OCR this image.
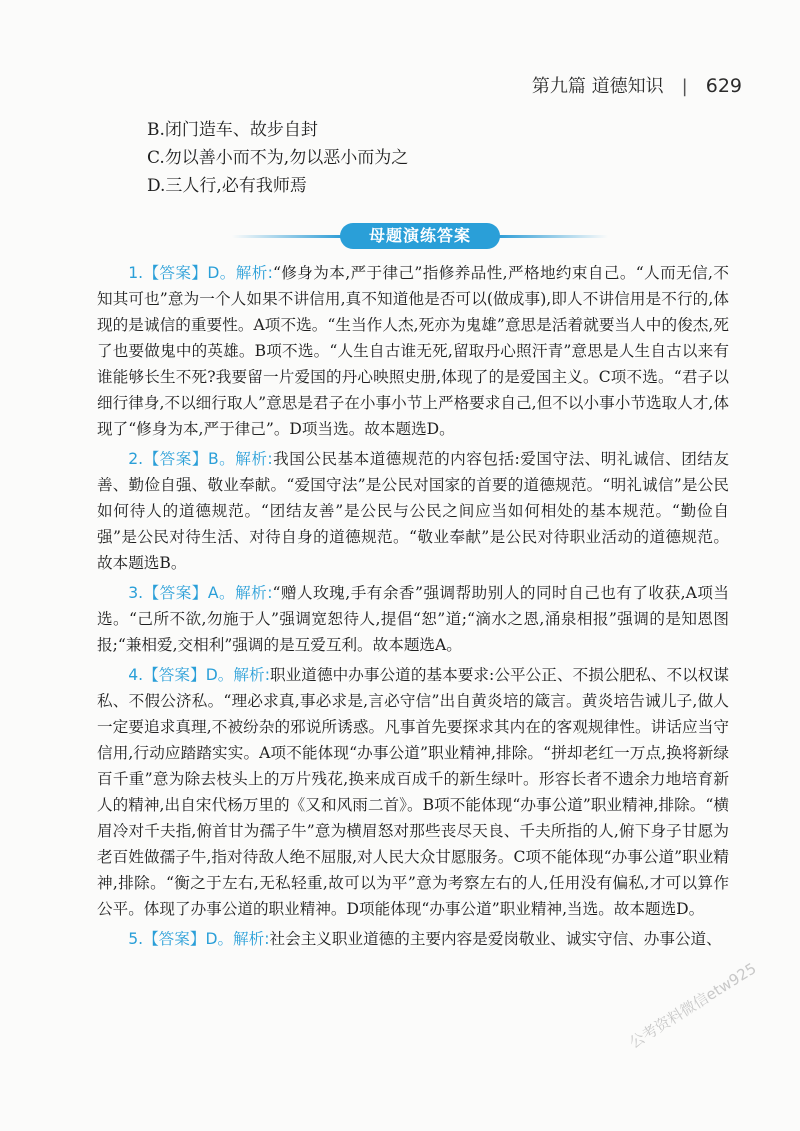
第九篇 道德知识 | 629
B.闭门造车、故步自封
C.勿以善小而不为,勿以恶小而为之
D.三人行,必有我师焉
母题演练答案
1.【答案】D。解析:“修身为本,严于律己”指修养品性,严格地约束自己。“人而无信,不知其可也”意为一个人如果不讲信用,真不知道他是否可以(做成事),即人不讲信用是不行的,体现的是诚信的重要性。A项不选。“生当作人杰,死亦为鬼雄”意思是活着就要当人中的俊杰,死了也要做鬼中的英雄。B项不选。“人生自古谁无死,留取丹心照汗青”意思是人生自古以来有谁能够长生不死?我要留一片爱国的丹心映照史册,体现了的是爱国主义。C项不选。“君子以细行律身,不以细行取人”意思是君子在小事小节上严格要求自己,但不以小事小节选取人才,体现了“修身为本,严于律己”。D项当选。故本题选D。
2.【答案】B。解析:我国公民基本道德规范的内容包括:爱国守法、明礼诚信、团结友善、勤俭自强、敬业奉献。“爱国守法”是公民对国家的首要的道德规范。“明礼诚信”是公民如何待人的道德规范。“团结友善”是公民与公民之间应当如何相处的基本规范。“勤俭自强”是公民对待生活、对待自身的道德规范。“敬业奉献”是公民对待职业活动的道德规范。故本题选B。
3.【答案】A。解析:“赠人玫瑰,手有余香”强调帮助别人的同时自己也有了收获,A项当选。“己所不欲,勿施于人”强调宽恕待人,提倡“恕”道;“滴水之恩,涌泉相报”强调的是知恩图报;“兼相爱,交相利”强调的是互爱互利。故本题选A。
4.【答案】D。解析:职业道德中办事公道的基本要求:公平公正、不损公肥私、不以权谋私、不假公济私。“理必求真,事必求是,言必守信”出自黄炎培的箴言。黄炎培告诫儿子,做人一定要追求真理,不被纷杂的邪说所诱惑。凡事首先要探求其内在的客观规律性。讲话应当守信用,行动应踏踏实实。A项不能体现“办事公道”职业精神,排除。“拼却老红一万点,换将新绿百千重”意为除去枝头上的万片残花,换来成百成千的新生绿叶。形容长者不遗余力地培育新人的精神,出自宋代杨万里的《又和风雨二首》。B项不能体现“办事公道”职业精神,排除。“横眉冷对千夫指,俯首甘为孺子牛”意为横眉怒对那些丧尽天良、千夫所指的人,俯下身子甘愿为老百姓做孺子牛,指对待敌人绝不屈服,对人民大众甘愿服务。C项不能体现“办事公道”职业精神,排除。“衡之于左右,无私轻重,故可以为平”意为考察左右的人,任用没有偏私,才可以算作公平。体现了办事公道的职业精神。D项能体现“办事公道”职业精神,当选。故本题选D。
5.【答案】D。解析:社会主义职业道德的主要内容是爱岗敬业、诚实守信、办事公道、
公考资料微信etw925
